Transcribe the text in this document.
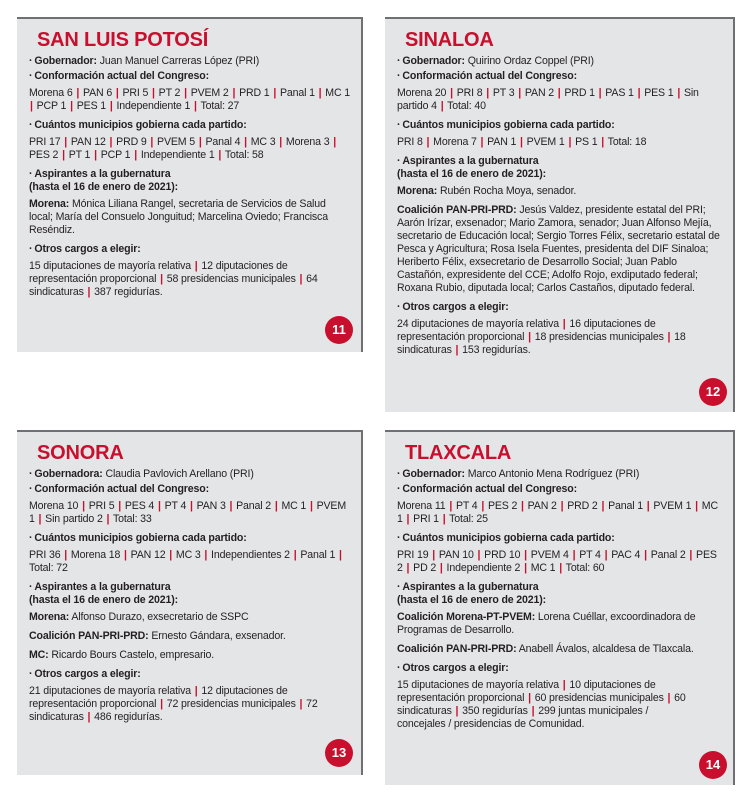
SAN LUIS POTOSÍ
· Gobernador: Juan Manuel Carreras López (PRI)
· Conformación actual del Congreso:
Morena 6 | PAN 6 | PRI 5 | PT 2 | PVEM 2 | PRD 1 | Panal 1 | MC 1 | PCP 1 | PES 1 | Independiente 1 | Total: 27
· Cuántos municipios gobierna cada partido:
PRI 17 | PAN 12 | PRD 9 | PVEM 5 | Panal 4 | MC 3 | Morena 3 | PES 2 | PT 1 | PCP 1 | Independiente 1 | Total: 58
· Aspirantes a la gubernatura
(hasta el 16 de enero de 2021):
Morena: Mónica Liliana Rangel, secretaria de Servicios de Salud local; María del Consuelo Jonguitud; Marcelina Oviedo; Francisca Reséndiz.
· Otros cargos a elegir:
15 diputaciones de mayoría relativa | 12 diputaciones de representación proporcional | 58 presidencias municipales | 64 sindicaturas | 387 regidurías.
11
SINALOA
· Gobernador: Quirino Ordaz Coppel (PRI)
· Conformación actual del Congreso:
Morena 20 | PRI 8 | PT 3 | PAN 2 | PRD 1 | PAS 1 | PES 1 | Sin partido 4 | Total: 40
· Cuántos municipios gobierna cada partido:
PRI 8 | Morena 7 | PAN 1 | PVEM 1 | PS 1 | Total: 18
· Aspirantes a la gubernatura
(hasta el 16 de enero de 2021):
Morena: Rubén Rocha Moya, senador.
Coalición PAN-PRI-PRD: Jesús Valdez, presidente estatal del PRI; Aarón Irízar, exsenador; Mario Zamora, senador; Juan Alfonso Mejía, secretario de Educación local; Sergio Torres Félix, secretario estatal de Pesca y Agricultura; Rosa Isela Fuentes, presidenta del DIF Sinaloa; Heriberto Félix, exsecretario de Desarrollo Social; Juan Pablo Castañón, expresidente del CCE; Adolfo Rojo, exdiputado federal; Roxana Rubio, diputada local; Carlos Castaños, diputado federal.
· Otros cargos a elegir:
24 diputaciones de mayoría relativa | 16 diputaciones de representación proporcional | 18 presidencias municipales | 18 sindicaturas | 153 regidurías.
12
SONORA
· Gobernadora: Claudia Pavlovich Arellano (PRI)
· Conformación actual del Congreso:
Morena 10 | PRI 5 | PES 4 | PT 4 | PAN 3 | Panal 2 | MC 1 | PVEM 1 | Sin partido 2 | Total: 33
· Cuántos municipios gobierna cada partido:
PRI 36 | Morena 18 | PAN 12 | MC 3 | Independientes 2 | Panal 1 | Total: 72
· Aspirantes a la gubernatura
(hasta el 16 de enero de 2021):
Morena: Alfonso Durazo, exsecretario de SSPC
Coalición PAN-PRI-PRD: Ernesto Gándara, exsenador.
MC: Ricardo Bours Castelo, empresario.
· Otros cargos a elegir:
21 diputaciones de mayoría relativa | 12 diputaciones de representación proporcional | 72 presidencias municipales | 72 sindicaturas | 486 regidurías.
13
TLAXCALA
· Gobernador: Marco Antonio Mena Rodríguez (PRI)
· Conformación actual del Congreso:
Morena 11 | PT 4 | PES 2 | PAN 2 | PRD 2 | Panal 1 | PVEM 1 | MC 1 | PRI 1 | Total: 25
· Cuántos municipios gobierna cada partido:
PRI 19 | PAN 10 | PRD 10 | PVEM 4 | PT 4 | PAC 4 | Panal 2 | PES 2 | PD 2 | Independiente 2 | MC 1 | Total: 60
· Aspirantes a la gubernatura
(hasta el 16 de enero de 2021):
Coalición Morena-PT-PVEM: Lorena Cuéllar, excoordinadora de Programas de Desarrollo.
Coalición PAN-PRI-PRD: Anabell Ávalos, alcaldesa de Tlaxcala.
· Otros cargos a elegir:
15 diputaciones de mayoría relativa | 10 diputaciones de representación proporcional | 60 presidencias municipales | 60 sindicaturas | 350 regidurías | 299 juntas municipales / concejales / presidencias de Comunidad.
14
